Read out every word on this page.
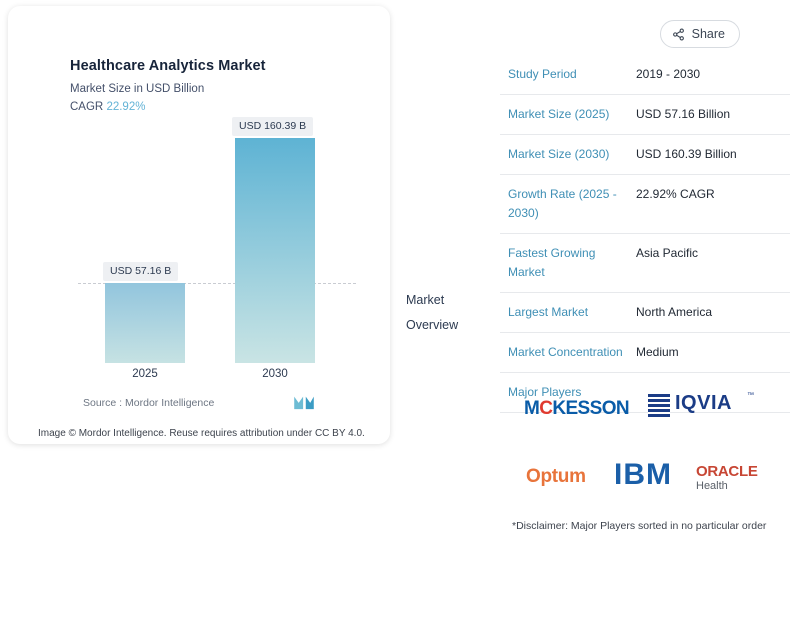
Share
Healthcare Analytics Market
Market Size in USD Billion
CAGR 22.92%
USD 57.16 B
USD 160.39 B
2025	2030
Source : Mordor Intelligence
Image © Mordor Intelligence. Reuse requires attribution under CC BY 4.0.
Market
Overview
Study Period	2019 - 2030
Market Size (2025)	USD 57.16 Billion
Market Size (2030)	USD 160.39 Billion
Growth Rate (2025 - 2030)	22.92% CAGR
Fastest Growing Market	Asia Pacific
Largest Market	North America
Market Concentration	Medium
Major Players	
MCKESSON IQVIA ™
Optum IBM ORACLE
Health
*Disclaimer: Major Players sorted in no particular order
